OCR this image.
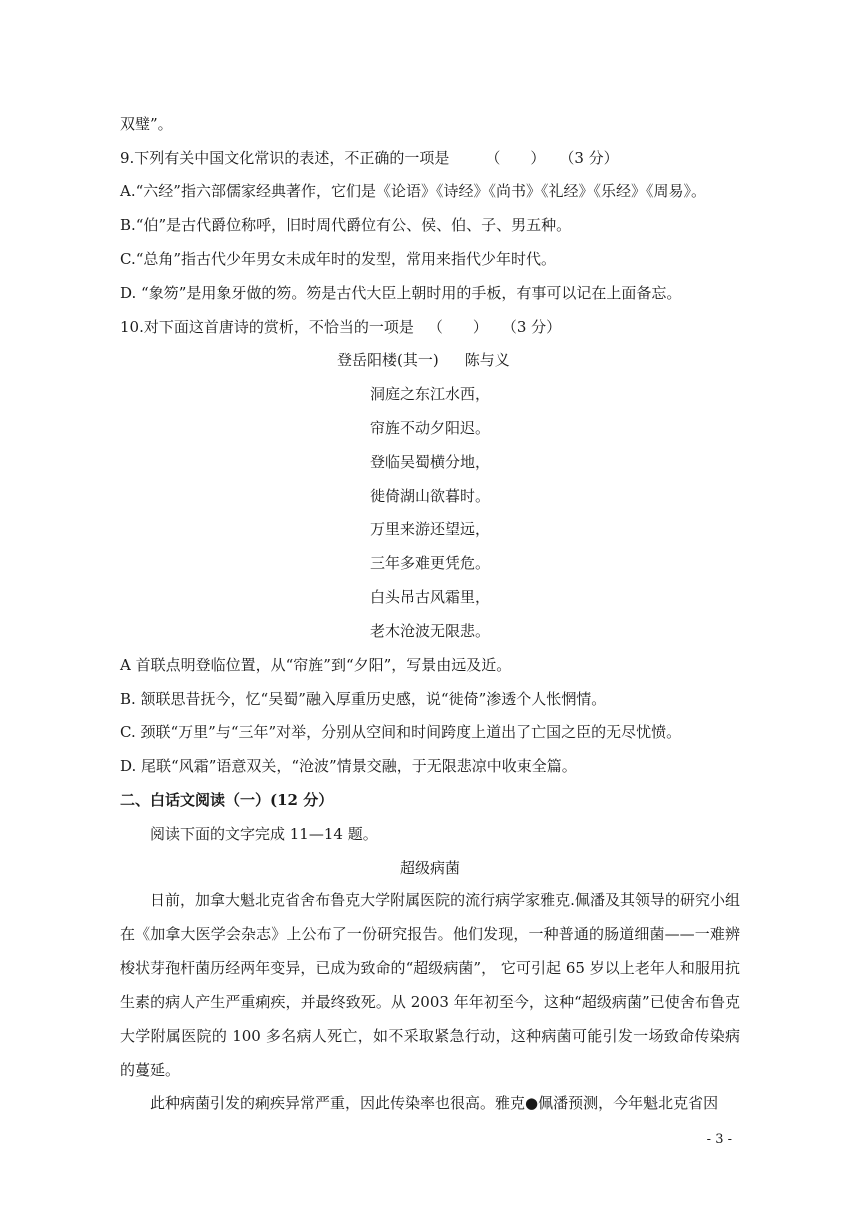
双璧”。
9.下列有关中国文化常识的表述，不正确的一项是 （　　） （3 分）
A.“六经”指六部儒家经典著作，它们是《论语》《诗经》《尚书》《礼经》《乐经》《周易》。
B.“伯”是古代爵位称呼，旧时周代爵位有公、侯、伯、子、男五种。
C.“总角”指古代少年男女未成年时的发型，常用来指代少年时代。
D. “象笏”是用象牙做的笏。笏是古代大臣上朝时用的手板，有事可以记在上面备忘。
10.对下面这首唐诗的赏析，不恰当的一项是 （　　） （3 分）
登岳阳楼(其一) 陈与义
洞庭之东江水西，
帘旌不动夕阳迟。
登临吴蜀横分地，
徙倚湖山欲暮时。
万里来游还望远，
三年多难更凭危。
白头吊古风霜里，
老木沧波无限悲。
A 首联点明登临位置，从“帘旌”到“夕阳”，写景由远及近。
B. 颔联思昔抚今，忆“吴蜀”融入厚重历史感，说“徙倚”渗透个人怅惘情。
C. 颈联“万里”与“三年”对举，分别从空间和时间跨度上道出了亡国之臣的无尽忧愤。
D. 尾联“风霜”语意双关，“沧波”情景交融，于无限悲凉中收束全篇。
二、白话文阅读（一）(12 分）
阅读下面的文字完成 11—14 题。
超级病菌

日前，加拿大魁北克省舍布鲁克大学附属医院的流行病学家雅克.佩潘及其领导的研究小组在《加拿大医学会杂志》上公布了一份研究报告。他们发现，一种普通的肠道细菌——一难辨梭状芽孢杆菌历经两年变异，已成为致命的“超级病菌”， 它可引起 65 岁以上老年人和服用抗生素的病人产生严重痢疾，并最终致死。从 2003 年年初至今，这种“超级病菌”已使舍布鲁克大学附属医院的 100 多名病人死亡，如不采取紧急行动，这种病菌可能引发一场致命传染病的蔓延。

此种病菌引发的痢疾异常严重，因此传染率也很高。雅克●佩潘预测，今年魁北克省因

- 3 -
